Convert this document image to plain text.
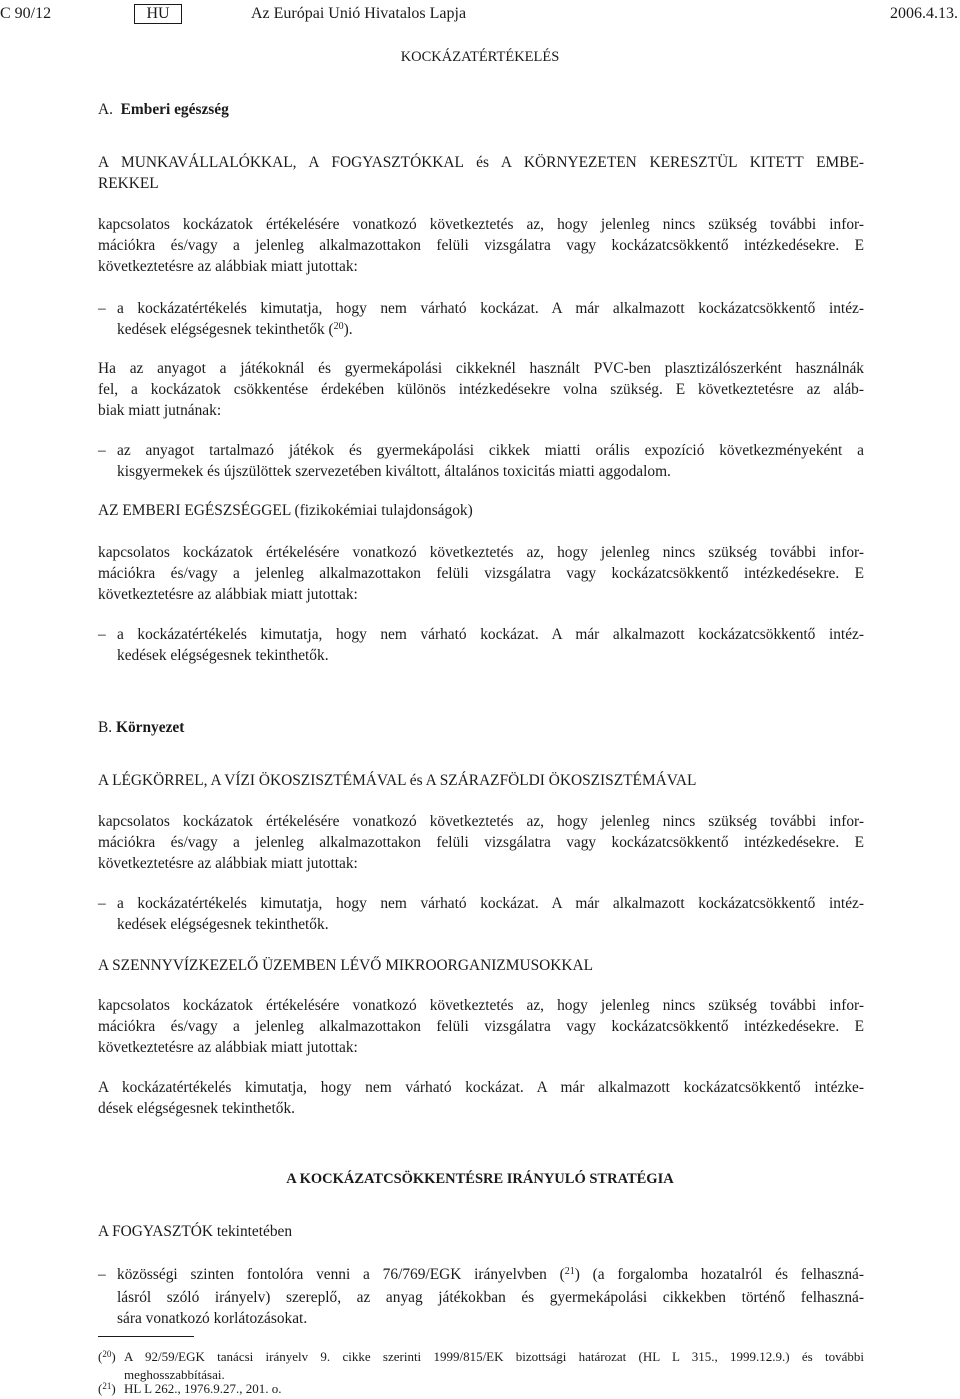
C 90/12	HU	Az Európai Unió Hivatalos Lapja	2006.4.13.
KOCKÁZATÉRTÉKELÉS
A. Emberi egészség
A MUNKAVÁLLALÓKKAL, A FOGYASZTÓKKAL és A KÖRNYEZETEN KERESZTÜL KITETT EMBE-
REKKEL
kapcsolatos kockázatok értékelésére vonatkozó következtetés az, hogy jelenleg nincs szükség további infor-
mációkra és/vagy a jelenleg alkalmazottakon felüli vizsgálatra vagy kockázatcsökkentő intézkedésekre. E
következtetésre az alábbiak miatt jutottak:
– a kockázatértékelés kimutatja, hogy nem várható kockázat. A már alkalmazott kockázatcsökkentő intéz-
kedések elégségesnek tekinthetők ($^{20}$).
Ha az anyagot a játékoknál és gyermekápolási cikkeknél használt PVC-ben plasztizálószerként használnák
fel, a kockázatok csökkentése érdekében különös intézkedésekre volna szükség. E következtetésre az aláb-
biak miatt jutnának:
– az anyagot tartalmazó játékok és gyermekápolási cikkek miatti orális expozíció következményeként a
kisgyermekek és újszülöttek szervezetében kiváltott, általános toxicitás miatti aggodalom.
AZ EMBERI EGÉSZSÉGGEL (fizikokémiai tulajdonságok)
kapcsolatos kockázatok értékelésére vonatkozó következtetés az, hogy jelenleg nincs szükség további infor-
mációkra és/vagy a jelenleg alkalmazottakon felüli vizsgálatra vagy kockázatcsökkentő intézkedésekre. E
következtetésre az alábbiak miatt jutottak:
– a kockázatértékelés kimutatja, hogy nem várható kockázat. A már alkalmazott kockázatcsökkentő intéz-
kedések elégségesnek tekinthetők.
B. Környezet
A LÉGKÖRREL, A VÍZI ÖKOSZISZTÉMÁVAL és A SZÁRAZFÖLDI ÖKOSZISZTÉMÁVAL
kapcsolatos kockázatok értékelésére vonatkozó következtetés az, hogy jelenleg nincs szükség további infor-
mációkra és/vagy a jelenleg alkalmazottakon felüli vizsgálatra vagy kockázatcsökkentő intézkedésekre. E
következtetésre az alábbiak miatt jutottak:
– a kockázatértékelés kimutatja, hogy nem várható kockázat. A már alkalmazott kockázatcsökkentő intéz-
kedések elégségesnek tekinthetők.
A SZENNYVÍZKEZELŐ ÜZEMBEN LÉVŐ MIKROORGANIZMUSOKKAL
kapcsolatos kockázatok értékelésére vonatkozó következtetés az, hogy jelenleg nincs szükség további infor-
mációkra és/vagy a jelenleg alkalmazottakon felüli vizsgálatra vagy kockázatcsökkentő intézkedésekre. E
következtetésre az alábbiak miatt jutottak:
A kockázatértékelés kimutatja, hogy nem várható kockázat. A már alkalmazott kockázatcsökkentő intézke-
dések elégségesnek tekinthetők.
A KOCKÁZATCSÖKKENTÉSRE IRÁNYULÓ STRATÉGIA
A FOGYASZTÓK tekintetében
– közösségi szinten fontolóra venni a 76/769/EGK irányelvben ($^{21}$) (a forgalomba hozatalról és felhaszná-
lásról szóló irányelv) szereplő, az anyag játékokban és gyermekápolási cikkekben történő felhaszná-
sára vonatkozó korlátozásokat.
($^{20}$) A 92/59/EGK tanácsi irányelv 9. cikke szerinti 1999/815/EK bizottsági határozat (HL L 315., 1999.12.9.) és további
meghosszabbításai.
($^{21}$) HL L 262., 1976.9.27., 201. o.
